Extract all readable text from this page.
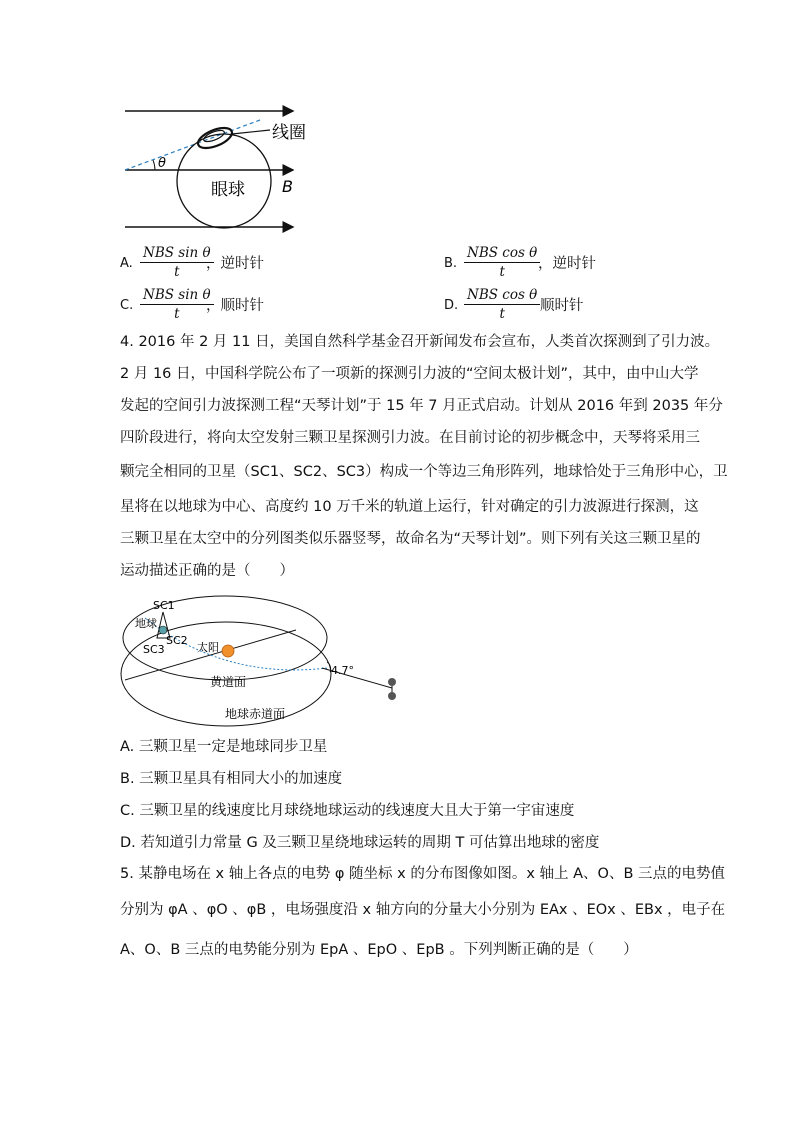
θ
线圈
眼球 B
A.
NBS sin θ
t	，逆时针	B.
NBS cos θ
t	，逆时针
C.
NBS sin θ
t	，顺时针	D.
NBS cos θ
t	顺时针
4. 2016 年 2 月 11 日，美国自然科学基金召开新闻发布会宣布，人类首次探测到了引力波。
2 月 16 日，中国科学院公布了一项新的探测引力波的“空间太极计划”，其中，由中山大学
发起的空间引力波探测工程“天琴计划”于 15 年 7 月正式启动。计划从 2016 年到 2035 年分
四阶段进行，将向太空发射三颗卫星探测引力波。在目前讨论的初步概念中，天琴将采用三
颗完全相同的卫星（SC1、SC2、SC3）构成一个等边三角形阵列，地球恰处于三角形中心，卫
星将在以地球为中心、高度约 10 万千米的轨道上运行，针对确定的引力波源进行探测，这
三颗卫星在太空中的分列图类似乐器竖琴，故命名为“天琴计划”。则下列有关这三颗卫星的
运动描述正确的是（　　）
SC1
地球
SC2
SC3	太阳
4.7°
黄道面
地球赤道面
A. 三颗卫星一定是地球同步卫星
B. 三颗卫星具有相同大小的加速度
C. 三颗卫星的线速度比月球绕地球运动的线速度大且大于第一宇宙速度
D. 若知道引力常量 G 及三颗卫星绕地球运转的周期 T 可估算出地球的密度
5. 某静电场在 x 轴上各点的电势 φ 随坐标 x 的分布图像如图。x 轴上 A、O、B 三点的电势值
分别为 φA 、φO 、φB ，电场强度沿 x 轴方向的分量大小分别为 EAx 、EOx 、EBx ，电子在
A、O、B 三点的电势能分别为 EpA 、EpO 、EpB 。下列判断正确的是（　　）
